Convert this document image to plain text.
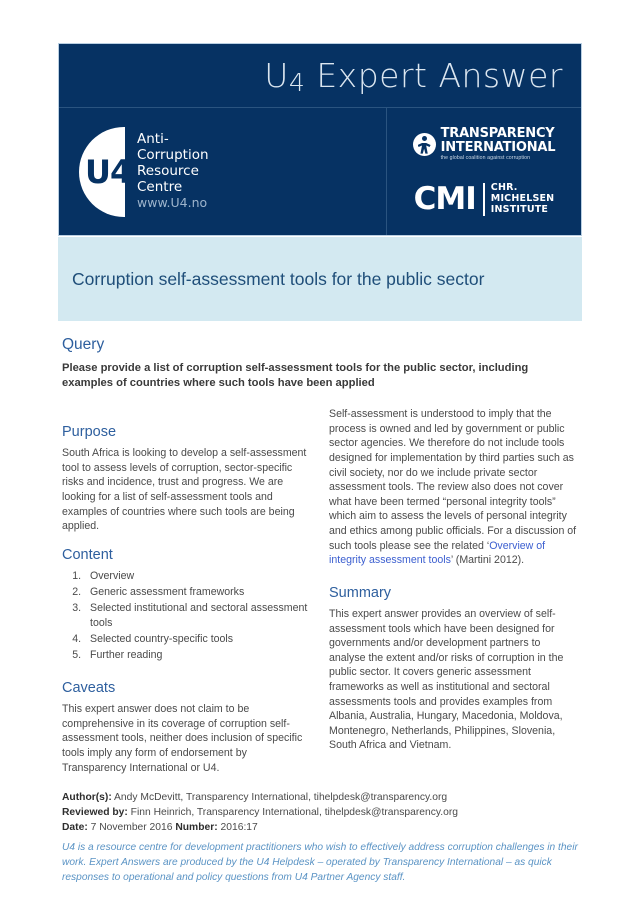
U4 Expert Answer
U4
Anti-
Corruption
Resource
Centre
www.U4.no
TRANSPARENCY
INTERNATIONAL
the global coalition against corruption
CMI CHR.
MICHELSEN
INSTITUTE
Corruption self-assessment tools for the public sector
Query

Please provide a list of corruption self-assessment tools for the public sector, including examples of countries where such tools have been applied

Purpose

South Africa is looking to develop a self-assessment tool to assess levels of corruption, sector-specific risks and incidence, trust and progress. We are looking for a list of self-assessment tools and examples of countries where such tools are being applied.

Content
1. Overview
2. Generic assessment frameworks
3. Selected institutional and sectoral assessment tools
4. Selected country-specific tools
5. Further reading
Caveats

This expert answer does not claim to be comprehensive in its coverage of corruption self-assessment tools, neither does inclusion of specific tools imply any form of endorsement by Transparency International or U4.

Self-assessment is understood to imply that the process is owned and led by government or public sector agencies. We therefore do not include tools designed for implementation by third parties such as civil society, nor do we include private sector assessment tools. The review also does not cover what have been termed “personal integrity tools” which aim to assess the levels of personal integrity and ethics among public officials. For a discussion of such tools please see the related ‘Overview of integrity assessment tools’ (Martini 2012).

Summary

This expert answer provides an overview of self-assessment tools which have been designed for governments and/or development partners to analyse the extent and/or risks of corruption in the public sector. It covers generic assessment frameworks as well as institutional and sectoral assessments tools and provides examples from Albania, Australia, Hungary, Macedonia, Moldova, Montenegro, Netherlands, Philippines, Slovenia, South Africa and Vietnam.

Author(s): Andy McDevitt, Transparency International, tihelpdesk@transparency.org
Reviewed by: Finn Heinrich, Transparency International, tihelpdesk@transparency.org
Date: 7 November 2016 Number: 2016:17
U4 is a resource centre for development practitioners who wish to effectively address corruption challenges in their work. Expert Answers are produced by the U4 Helpdesk – operated by Transparency International – as quick responses to operational and policy questions from U4 Partner Agency staff.
